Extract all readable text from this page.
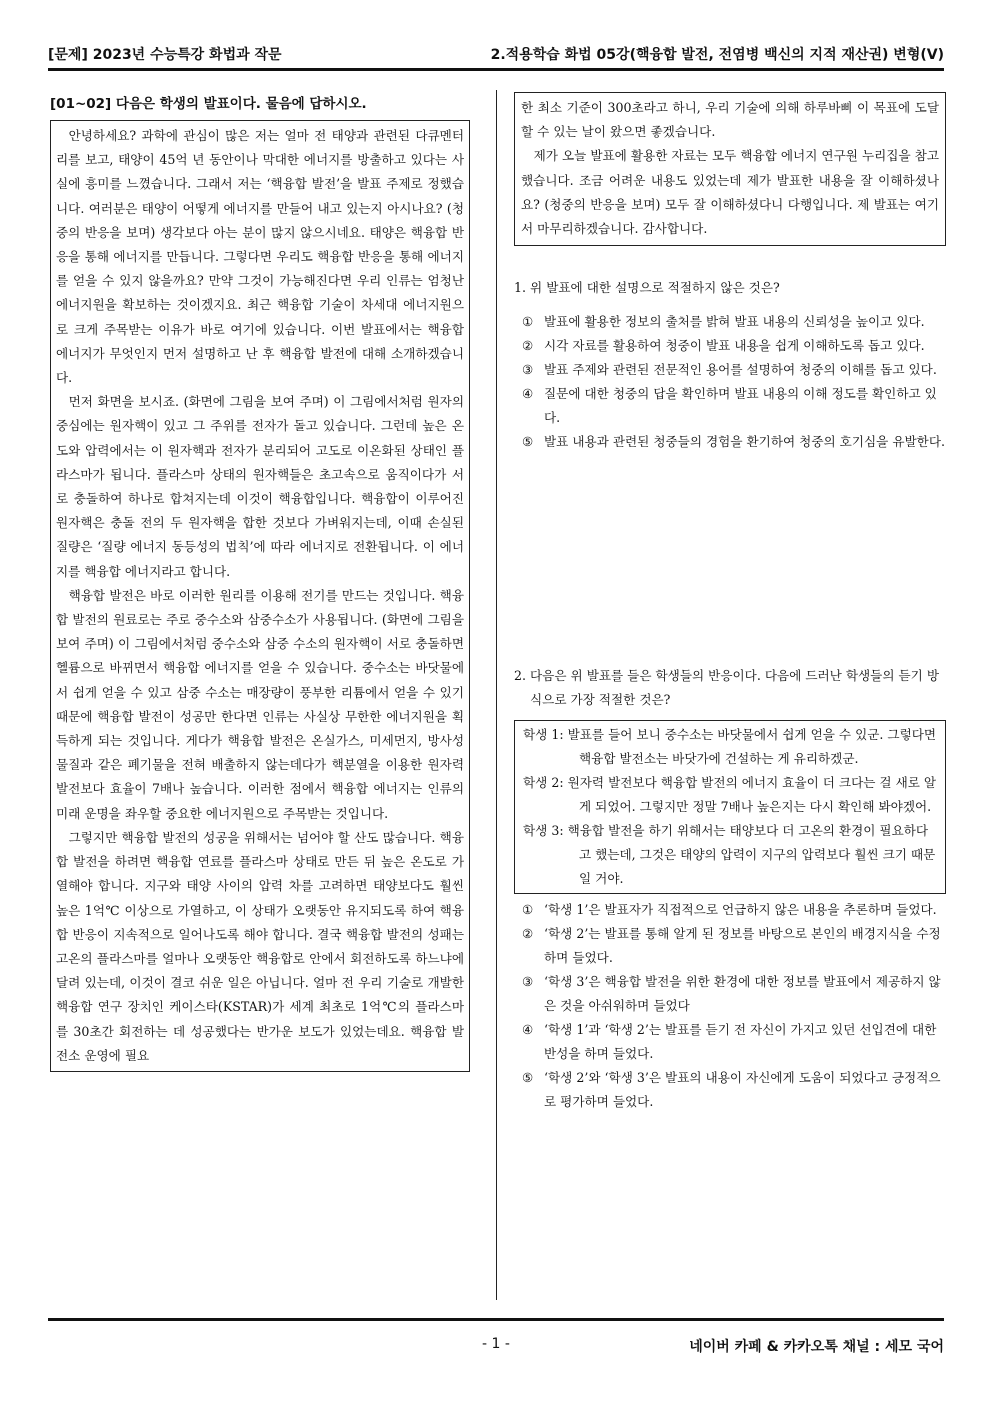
[문제] 2023년 수능특강 화법과 작문	2.적용학습 화법 05강(핵융합 발전, 전염병 백신의 지적 재산권) 변형(V)

[01~02] 다음은 학생의 발표이다. 물음에 답하시오.

안녕하세요? 과학에 관심이 많은 저는 얼마 전 태양과 관련된 다큐멘터리를 보고, 태양이 45억 년 동안이나 막대한 에너지를 방출하고 있다는 사실에 흥미를 느꼈습니다. 그래서 저는 ‘핵융합 발전’을 발표 주제로 정했습니다. 여러분은 태양이 어떻게 에너지를 만들어 내고 있는지 아시나요? (청중의 반응을 보며) 생각보다 아는 분이 많지 않으시네요. 태양은 핵융합 반응을 통해 에너지를 만듭니다. 그렇다면 우리도 핵융합 반응을 통해 에너지를 얻을 수 있지 않을까요? 만약 그것이 가능해진다면 우리 인류는 엄청난 에너지원을 확보하는 것이겠지요. 최근 핵융합 기술이 차세대 에너지원으로 크게 주목받는 이유가 바로 여기에 있습니다. 이번 발표에서는 핵융합 에너지가 무엇인지 먼저 설명하고 난 후 핵융합 발전에 대해 소개하겠습니다.

먼저 화면을 보시죠. (화면에 그림을 보여 주며) 이 그림에서처럼 원자의 중심에는 원자핵이 있고 그 주위를 전자가 돌고 있습니다. 그런데 높은 온도와 압력에서는 이 원자핵과 전자가 분리되어 고도로 이온화된 상태인 플라스마가 됩니다. 플라스마 상태의 원자핵들은 초고속으로 움직이다가 서로 충돌하여 하나로 합쳐지는데 이것이 핵융합입니다. 핵융합이 이루어진 원자핵은 충돌 전의 두 원자핵을 합한 것보다 가벼워지는데, 이때 손실된 질량은 ‘질량 에너지 동등성의 법칙’에 따라 에너지로 전환됩니다. 이 에너지를 핵융합 에너지라고 합니다.

핵융합 발전은 바로 이러한 원리를 이용해 전기를 만드는 것입니다. 핵융합 발전의 원료로는 주로 중수소와 삼중수소가 사용됩니다. (화면에 그림을 보여 주며) 이 그림에서처럼 중수소와 삼중 수소의 원자핵이 서로 충돌하면 헬륨으로 바뀌면서 핵융합 에너지를 얻을 수 있습니다. 중수소는 바닷물에서 쉽게 얻을 수 있고 삼중 수소는 매장량이 풍부한 리튬에서 얻을 수 있기 때문에 핵융합 발전이 성공만 한다면 인류는 사실상 무한한 에너지원을 획득하게 되는 것입니다. 게다가 핵융합 발전은 온실가스, 미세먼지, 방사성 물질과 같은 폐기물을 전혀 배출하지 않는데다가 핵분열을 이용한 원자력 발전보다 효율이 7배나 높습니다. 이러한 점에서 핵융합 에너지는 인류의 미래 운명을 좌우할 중요한 에너지원으로 주목받는 것입니다.

그렇지만 핵융합 발전의 성공을 위해서는 넘어야 할 산도 많습니다. 핵융합 발전을 하려면 핵융합 연료를 플라스마 상태로 만든 뒤 높은 온도로 가열해야 합니다. 지구와 태양 사이의 압력 차를 고려하면 태양보다도 훨씬 높은 1억℃ 이상으로 가열하고, 이 상태가 오랫동안 유지되도록 하여 핵융합 반응이 지속적으로 일어나도록 해야 합니다. 결국 핵융합 발전의 성패는 고온의 플라스마를 얼마나 오랫동안 핵융합로 안에서 회전하도록 하느냐에 달려 있는데, 이것이 결코 쉬운 일은 아닙니다. 얼마 전 우리 기술로 개발한 핵융합 연구 장치인 케이스타(KSTAR)가 세계 최초로 1억℃의 플라스마를 30초간 회전하는 데 성공했다는 반가운 보도가 있었는데요. 핵융합 발전소 운영에 필요

한 최소 기준이 300초라고 하니, 우리 기술에 의해 하루바삐 이 목표에 도달할 수 있는 날이 왔으면 좋겠습니다.

제가 오늘 발표에 활용한 자료는 모두 핵융합 에너지 연구원 누리집을 참고했습니다. 조금 어려운 내용도 있었는데 제가 발표한 내용을 잘 이해하셨나요? (청중의 반응을 보며) 모두 잘 이해하셨다니 다행입니다. 제 발표는 여기서 마무리하겠습니다. 감사합니다.

1. 위 발표에 대한 설명으로 적절하지 않은 것은?

① 발표에 활용한 정보의 출처를 밝혀 발표 내용의 신뢰성을 높이고 있다.
② 시각 자료를 활용하여 청중이 발표 내용을 쉽게 이해하도록 돕고 있다.
③ 발표 주제와 관련된 전문적인 용어를 설명하여 청중의 이해를 돕고 있다.
④ 질문에 대한 청중의 답을 확인하며 발표 내용의 이해 정도를 확인하고 있다.
⑤ 발표 내용과 관련된 청중들의 경험을 환기하여 청중의 호기심을 유발한다.

2. 다음은 위 발표를 들은 학생들의 반응이다. 다음에 드러난 학생들의 듣기 방식으로 가장 적절한 것은?

학생 1: 발표를 들어 보니 중수소는 바닷물에서 쉽게 얻을 수 있군. 그렇다면 핵융합 발전소는 바닷가에 건설하는 게 유리하겠군.

학생 2: 원자력 발전보다 핵융합 발전의 에너지 효율이 더 크다는 걸 새로 알게 되었어. 그렇지만 정말 7배나 높은지는 다시 확인해 봐야겠어.

학생 3: 핵융합 발전을 하기 위해서는 태양보다 더 고온의 환경이 필요하다고 했는데, 그것은 태양의 압력이 지구의 압력보다 훨씬 크기 때문일 거야.

① ‘학생 1’은 발표자가 직접적으로 언급하지 않은 내용을 추론하며 들었다.
② ‘학생 2’는 발표를 통해 알게 된 정보를 바탕으로 본인의 배경지식을 수정하며 들었다.
③ ‘학생 3’은 핵융합 발전을 위한 환경에 대한 정보를 발표에서 제공하지 않은 것을 아쉬워하며 들었다
④ ‘학생 1’과 ‘학생 2’는 발표를 듣기 전 자신이 가지고 있던 선입견에 대한 반성을 하며 들었다.
⑤ ‘학생 2’와 ‘학생 3’은 발표의 내용이 자신에게 도움이 되었다고 긍정적으로 평가하며 들었다.
- 1 -	네이버 카페 & 카카오톡 채널 : 세모 국어
